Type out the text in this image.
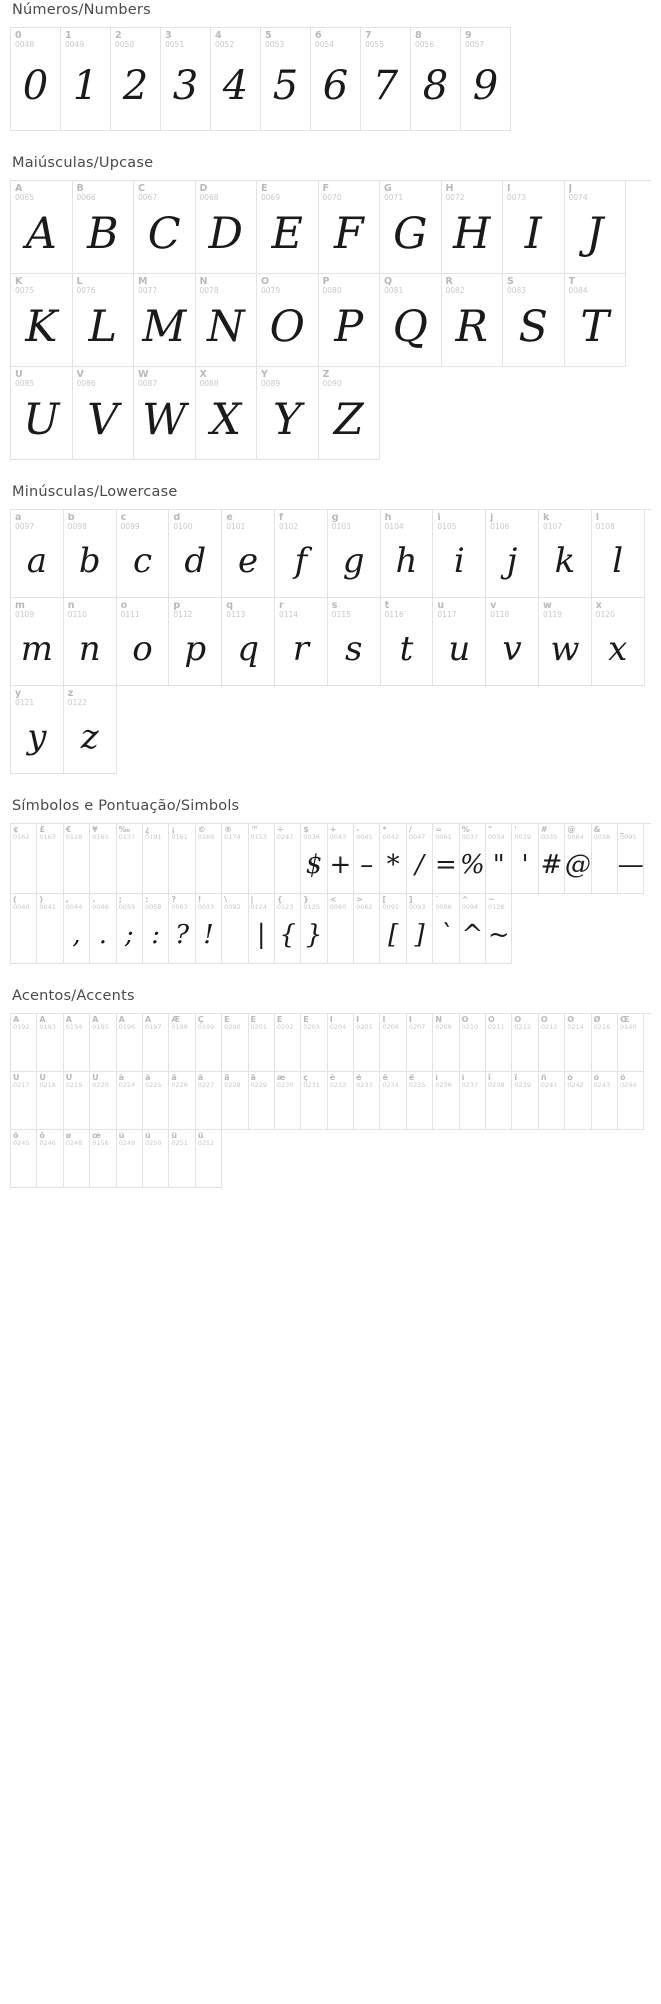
Números/Numbers
0
0048
0
1
0049
1
2
0050
2
3
0051
3
4
0052
4
5
0053
5
6
0054
6
7
0055
7
8
0056
8
9
0057
9
Maiúsculas/Upcase
A
0065
A
B
0066
B
C
0067
C
D
0068
D
E
0069
E
F
0070
F
G
0071
G
H
0072
H
I
0073
I
J
0074
J
K
0075
K
L
0076
L
M
0077
M
N
0078
N
O
0079
O
P
0080
P
Q
0081
Q
R
0082
R
S
0083
S
T
0084
T
U
0085
U
V
0086
V
W
0087
W
X
0088
X
Y
0089
Y
Z
0090
Z
Minúsculas/Lowercase
a
0097
a
b
0098
b
c
0099
c
d
0100
d
e
0101
e
f
0102
f
g
0103
g
h
0104
h
i
0105
i
j
0106
j
k
0107
k
l
0108
l
m
0109
m
n
0110
n
o
0111
o
p
0112
p
q
0113
q
r
0114
r
s
0115
s
t
0116
t
u
0117
u
v
0118
v
w
0119
w
x
0120
x
y
0121
y
z
0122
z
Símbolos e Pontuação/Simbols
¢
0162
£
0163
€
0128
¥
0165
‰
0137
¿
0191
¡
0161
©
0169
®
0174
™
0153
÷
0247
$
0036
$
+
0043
+
-
0045
–
*
0042
*
/
0047
/
=
0061
=
%
0037
%
"
0034
"
'
0039
'
#
0035
#
@
0064
@
&
0038
_
0095
—
(
0040
)
0041
,
0044
,
.
0046
.
;
0059
;
:
0058
:
?
0063
?
!
0033
!
\
0092
|
0124
|
{
0123
{
}
0125
}
<
0060
>
0062
[
0091
[
]
0093
]
`
0096
`
^
0094
^
~
0126
~
Acentos/Accents
À
0192
Á
0193
Â
0194
Ã
0195
Ä
0196
Å
0197
Æ
0198
Ç
0199
È
0200
É
0201
Ê
0202
Ë
0203
Ì
0204
Í
0205
Î
0206
Ï
0207
Ñ
0209
Ò
0210
Ó
0211
Ô
0212
Õ
0213
Ö
0214
Ø
0216
Œ
0140
Ù
0217
Ú
0218
Û
0219
Ü
0220
à
0224
á
0225
â
0226
ã
0227
ä
0228
å
0229
æ
0230
ç
0231
è
0232
é
0233
ê
0234
ë
0235
ì
0236
í
0237
î
0238
ï
0239
ñ
0241
ò
0242
ó
0243
ô
0244
õ
0245
ö
0246
ø
0248
œ
0156
ù
0249
ú
0250
û
0251
ü
0252
